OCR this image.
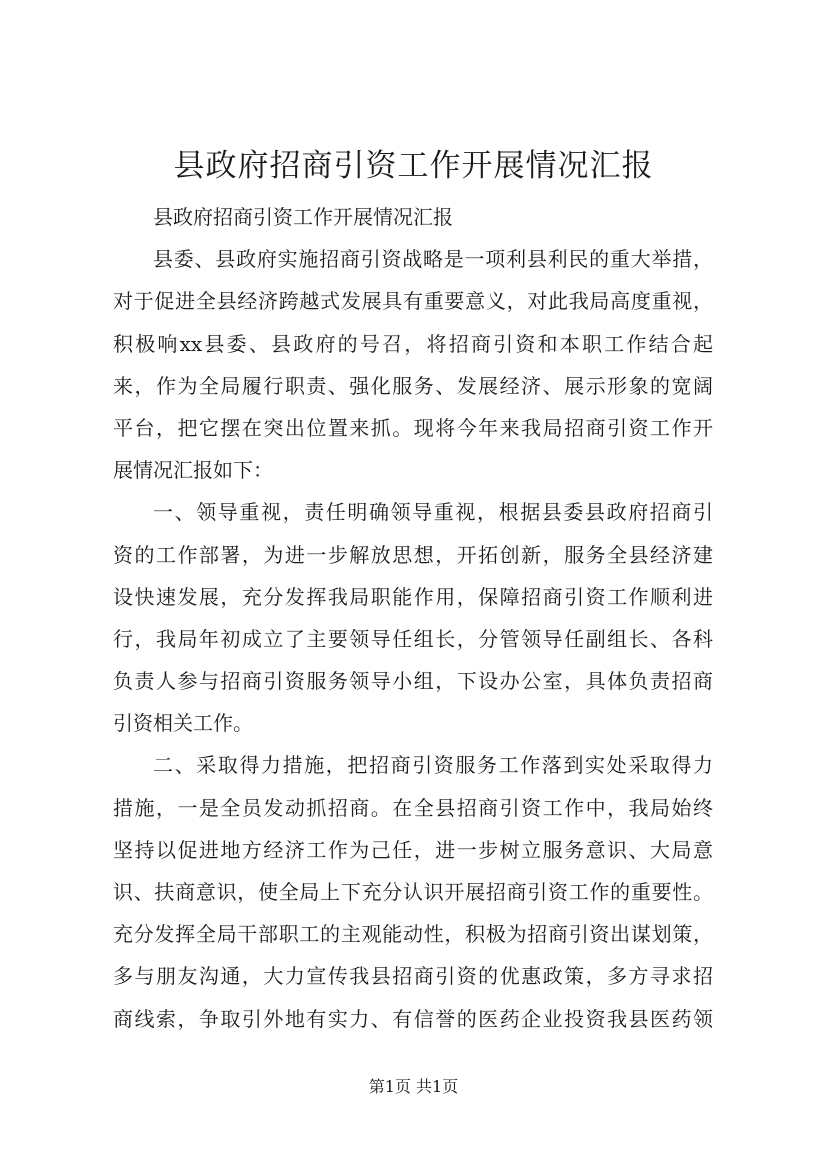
县政府招商引资工作开展情况汇报
县政府招商引资工作开展情况汇报
县委、县政府实施招商引资战略是一项利县利民的重大举措，
对于促进全县经济跨越式发展具有重要意义，对此我局高度重视，
积极响xx县委、县政府的号召，将招商引资和本职工作结合起
来，作为全局履行职责、强化服务、发展经济、展示形象的宽阔
平台，把它摆在突出位置来抓。现将今年来我局招商引资工作开
展情况汇报如下：
一、领导重视，责任明确领导重视，根据县委县政府招商引
资的工作部署，为进一步解放思想，开拓创新，服务全县经济建
设快速发展，充分发挥我局职能作用，保障招商引资工作顺利进
行，我局年初成立了主要领导任组长，分管领导任副组长、各科
负责人参与招商引资服务领导小组，下设办公室，具体负责招商
引资相关工作。
二、采取得力措施，把招商引资服务工作落到实处采取得力
措施，一是全员发动抓招商。在全县招商引资工作中，我局始终
坚持以促进地方经济工作为己任，进一步树立服务意识、大局意
识、扶商意识，使全局上下充分认识开展招商引资工作的重要性。
充分发挥全局干部职工的主观能动性，积极为招商引资出谋划策，
多与朋友沟通，大力宣传我县招商引资的优惠政策，多方寻求招
商线索，争取引外地有实力、有信誉的医药企业投资我县医药领
第1页 共1页
